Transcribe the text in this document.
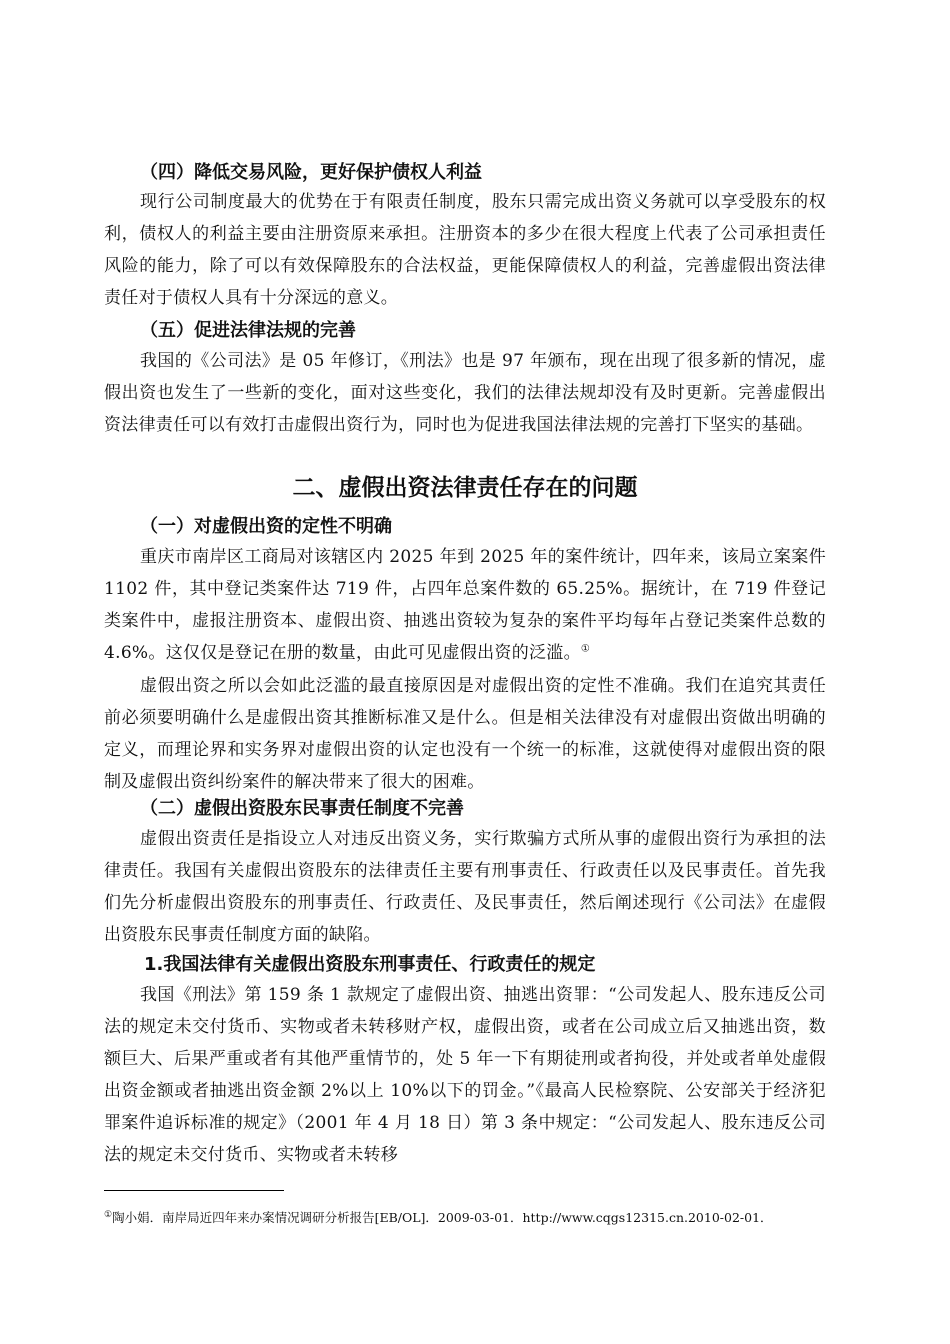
（四）降低交易风险，更好保护债权人利益
现行公司制度最大的优势在于有限责任制度，股东只需完成出资义务就可以享受股东的权利，债权人的利益主要由注册资原来承担。注册资本的多少在很大程度上代表了公司承担责任风险的能力，除了可以有效保障股东的合法权益，更能保障债权人的利益，完善虚假出资法律责任对于债权人具有十分深远的意义。
（五）促进法律法规的完善
我国的《公司法》是 05 年修订，《刑法》也是 97 年颁布，现在出现了很多新的情况，虚假出资也发生了一些新的变化，面对这些变化，我们的法律法规却没有及时更新。完善虚假出资法律责任可以有效打击虚假出资行为，同时也为促进我国法律法规的完善打下坚实的基础。
二、虚假出资法律责任存在的问题
（一）对虚假出资的定性不明确
重庆市南岸区工商局对该辖区内 2025 年到 2025 年的案件统计，四年来，该局立案案件 1102 件，其中登记类案件达 719 件，占四年总案件数的 65.25%。据统计，在 719 件登记类案件中，虚报注册资本、虚假出资、抽逃出资较为复杂的案件平均每年占登记类案件总数的 4.6%。这仅仅是登记在册的数量，由此可见虚假出资的泛滥。①
虚假出资之所以会如此泛滥的最直接原因是对虚假出资的定性不准确。我们在追究其责任前必须要明确什么是虚假出资其推断标准又是什么。但是相关法律没有对虚假出资做出明确的定义，而理论界和实务界对虚假出资的认定也没有一个统一的标准，这就使得对虚假出资的限制及虚假出资纠纷案件的解决带来了很大的困难。
（二）虚假出资股东民事责任制度不完善
虚假出资责任是指设立人对违反出资义务，实行欺骗方式所从事的虚假出资行为承担的法律责任。我国有关虚假出资股东的法律责任主要有刑事责任、行政责任以及民事责任。首先我们先分析虚假出资股东的刑事责任、行政责任、及民事责任，然后阐述现行《公司法》在虚假出资股东民事责任制度方面的缺陷。
1.我国法律有关虚假出资股东刑事责任、行政责任的规定
我国《刑法》第 159 条 1 款规定了虚假出资、抽逃出资罪：“公司发起人、股东违反公司法的规定未交付货币、实物或者未转移财产权，虚假出资，或者在公司成立后又抽逃出资，数额巨大、后果严重或者有其他严重情节的，处 5 年一下有期徒刑或者拘役，并处或者单处虚假出资金额或者抽逃出资金额 2%以上 10%以下的罚金。”《最高人民检察院、公安部关于经济犯罪案件追诉标准的规定》（2001 年 4 月 18 日）第 3 条中规定：“公司发起人、股东违反公司法的规定未交付货币、实物或者未转移
①陶小娟．南岸局近四年来办案情况调研分析报告[EB/OL]．2009-03-01．http://www.cqgs12315.cn.2010-02-01．
